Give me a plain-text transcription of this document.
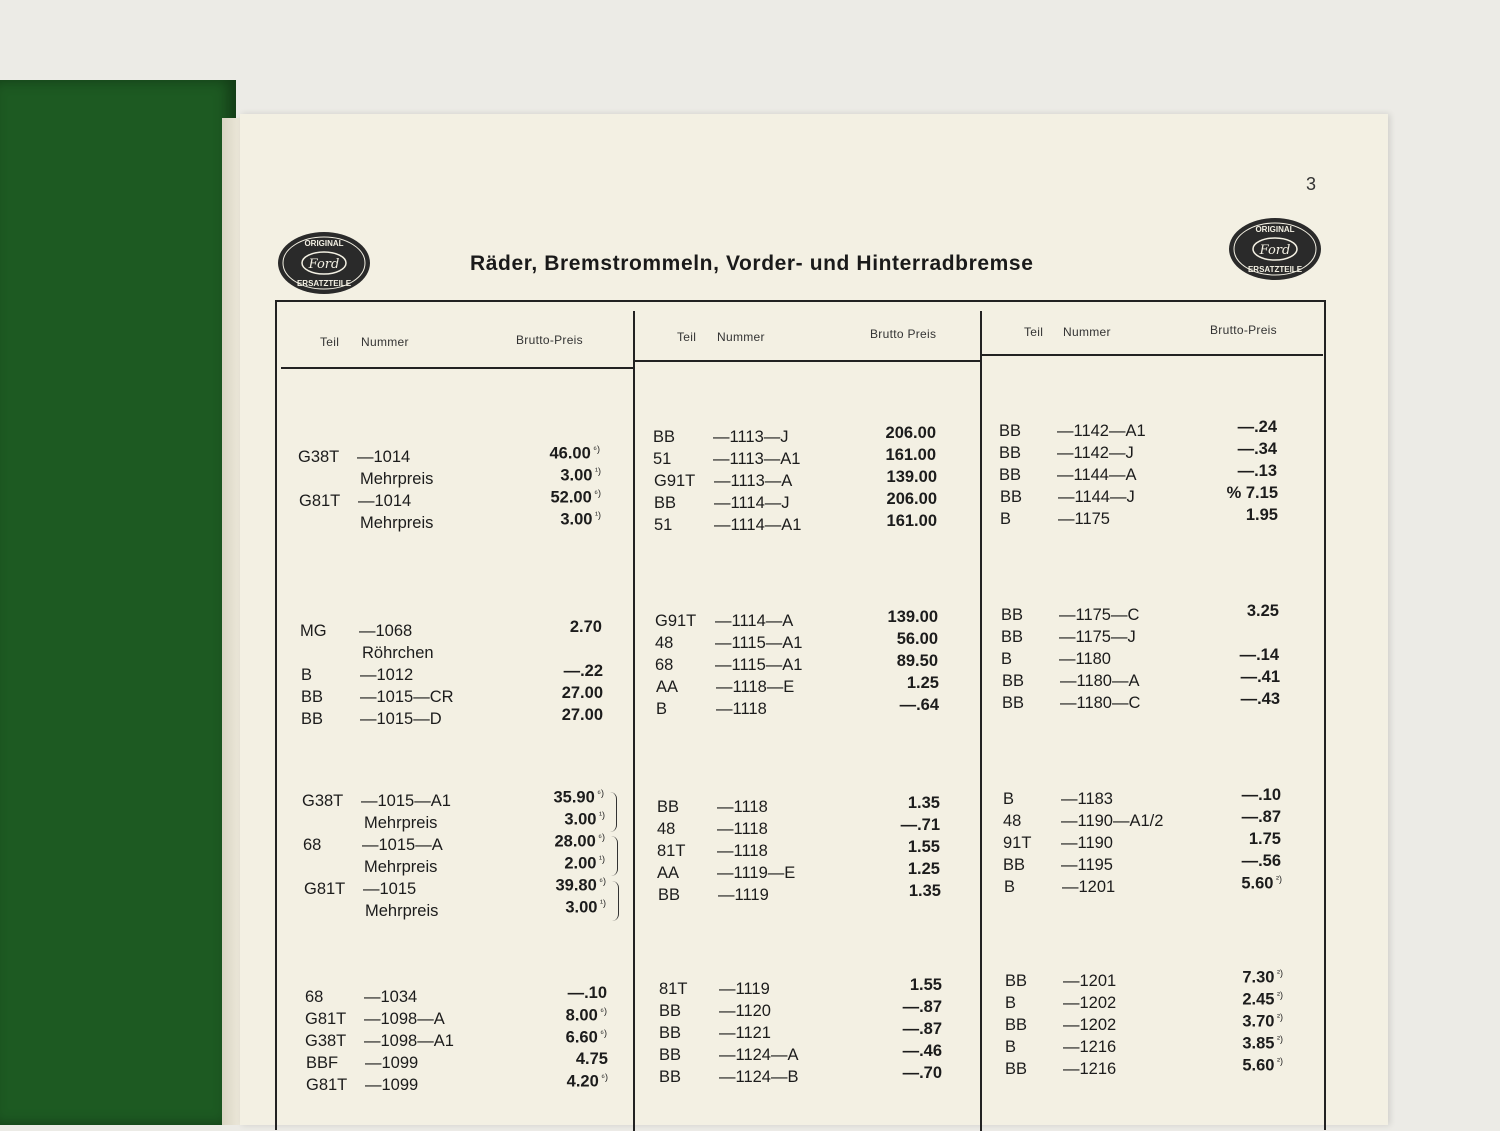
3
Ford
ORIGINAL
ERSATZTEILE
Ford
ORIGINAL
ERSATZTEILE
Räder, Bremstrommeln, Vorder- und Hinterradbremse
Teil Nummer	Brutto-Preis	Teil Nummer	Brutto Preis	Teil Nummer	Brutto-Preis
G38T —1014	46.00 $^{^6)}$
Mehrpreis	3.00 $^{^1)}$
G81T —1014	52.00 $^{^6)}$
Mehrpreis	3.00 $^{^1)}$
MG —1068	2.70
Röhrchen
B	—1012	—.22
BB —1015—CR	27.00
BB —1015—D	27.00
G38T —1015—A1	35.90 $^{^6)}$
Mehrpreis	3.00 $^{^1)}$
68 —1015—A	28.00 $^{^6)}$
Mehrpreis	2.00 $^{^1)}$
G81T —1015	39.80 $^{^6)}$
Mehrpreis	3.00 $^{^1)}$
68 —1034	—.10
G81T —1098—A	8.00 $^{^6)}$
G38T —1098—A1	6.60 $^{^6)}$
BBF —1099	4.75
G81T —1099	4.20 $^{^6)}$
BB —1113—J	206.00
51	—1113—A1	161.00
G91T —1113—A	139.00
BB —1114—J	206.00
51	—1114—A1	161.00
G91T —1114—A	139.00
48	—1115—A1	56.00
68	—1115—A1	89.50
AA —1118—E	1.25
B	—1118	—.64
BB —1118	1.35
48	—1118	—.71
81T —1118	1.55
AA —1119—E	1.25
BB —1119	1.35
81T —1119	1.55
BB —1120	—.87
BB —1121	—.87
BB —1124—A	—.46
BB —1124—B	—.70
BB —1142—A1	—.24
BB —1142—J	—.34
BB —1144—A	—.13
BB —1144—J	% 7.15
B	—1175	1.95
BB —1175—C	3.25
BB —1175—J
B	—1180	—.14
BB —1180—A	—.41
BB —1180—C	—.43
B	—1183	—.10
48 —1190—A1/2	—.87
91T —1190	1.75
BB —1195	—.56
B	—1201	5.60 $^{^2)}$
BB —1201	7.30 $^{^2)}$
B	—1202	2.45 $^{^2)}$
BB —1202	3.70 $^{^2)}$
B	—1216	3.85 $^{^2)}$
BB —1216	5.60 $^{^2)}$
